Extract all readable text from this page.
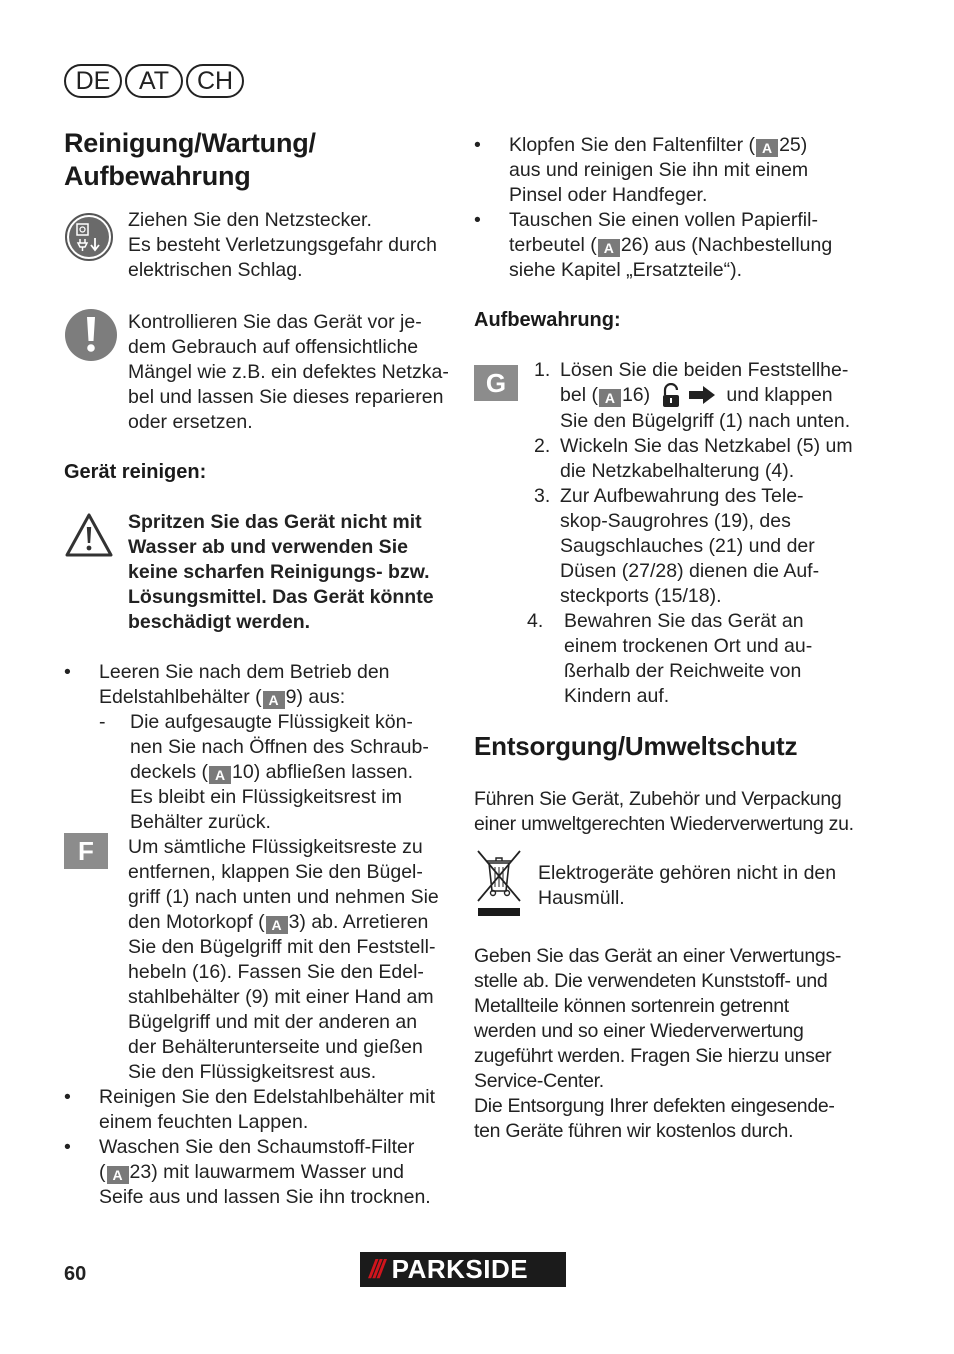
DE	AT	CH
Reinigung/Wartung/ Aufbewahrung

Ziehen Sie den Netzstecker.

Es besteht Verletzungsgefahr durch

elektrischen Schlag.

Kontrollieren Sie das Gerät vor je-

dem Gebrauch auf offensichtliche

Mängel wie z.B. ein defektes Netzka-

bel und lassen Sie dieses reparieren

oder ersetzen.

Gerät reinigen:

Spritzen Sie das Gerät nicht mit

Wasser ab und verwenden Sie

keine scharfen Reinigungs- bzw.

Lösungsmittel. Das Gerät könnte

beschädigt werden.

•	Leeren Sie nach dem Betrieb den

Edelstahlbehälter ( A 9) aus:

-	Die aufgesaugte Flüssigkeit kön-

nen Sie nach Öffnen des Schraub-

deckels ( A 10) abfließen lassen.

Es bleibt ein Flüssigkeitsrest im

Behälter zurück.

F	Um sämtliche Flüssigkeitsreste zu

entfernen, klappen Sie den Bügel-

griff (1) nach unten und nehmen Sie

den Motorkopf ( A 3) ab. Arretieren

Sie den Bügelgriff mit den Feststell-

hebeln (16). Fassen Sie den Edel-

stahlbehälter (9) mit einer Hand am

Bügelgriff und mit der anderen an

der Behälterunterseite und gießen

Sie den Flüssigkeitsrest aus.

•	Reinigen Sie den Edelstahlbehälter mit

einem feuchten Lappen.

•	Waschen Sie den Schaumstoff-Filter

( A 23) mit lauwarmem Wasser und

Seife aus und lassen Sie ihn trocknen.

•	Klopfen Sie den Faltenfilter ( A 25)

aus und reinigen Sie ihn mit einem

Pinsel oder Handfeger.

•	Tauschen Sie einen vollen Papierfil-

terbeutel ( A 26) aus (Nachbestellung

siehe Kapitel „Ersatzteile“).

Aufbewahrung:
G	1. Lösen Sie die beiden Feststellhe-

bel ( A 16)	und klappen

Sie den Bügelgriff (1) nach unten.

2. Wickeln Sie das Netzkabel (5) um

die Netzkabelhalterung (4).

3. Zur Aufbewahrung des Tele-

skop-Saugrohres (19), des

Saugschlauches (21) und der

Düsen (27/28) dienen die Auf-

steckports (15/18).

4.	Bewahren Sie das Gerät an

einem trockenen Ort und au-

ßerhalb der Reichweite von

Kindern auf.

Entsorgung/Umweltschutz

Führen Sie Gerät, Zubehör und Verpackung

einer umweltgerechten Wiederverwertung zu.

Elektrogeräte gehören nicht in den

Hausmüll.

Geben Sie das Gerät an einer Verwertungs-

stelle ab. Die verwendeten Kunststoff- und

Metallteile können sortenrein getrennt

werden und so einer Wiederverwertung

zugeführt werden. Fragen Sie hierzu unser

Service-Center.

Die Entsorgung Ihrer defekten eingesende-

ten Geräte führen wir kostenlos durch.

60	/// PARKSIDE
